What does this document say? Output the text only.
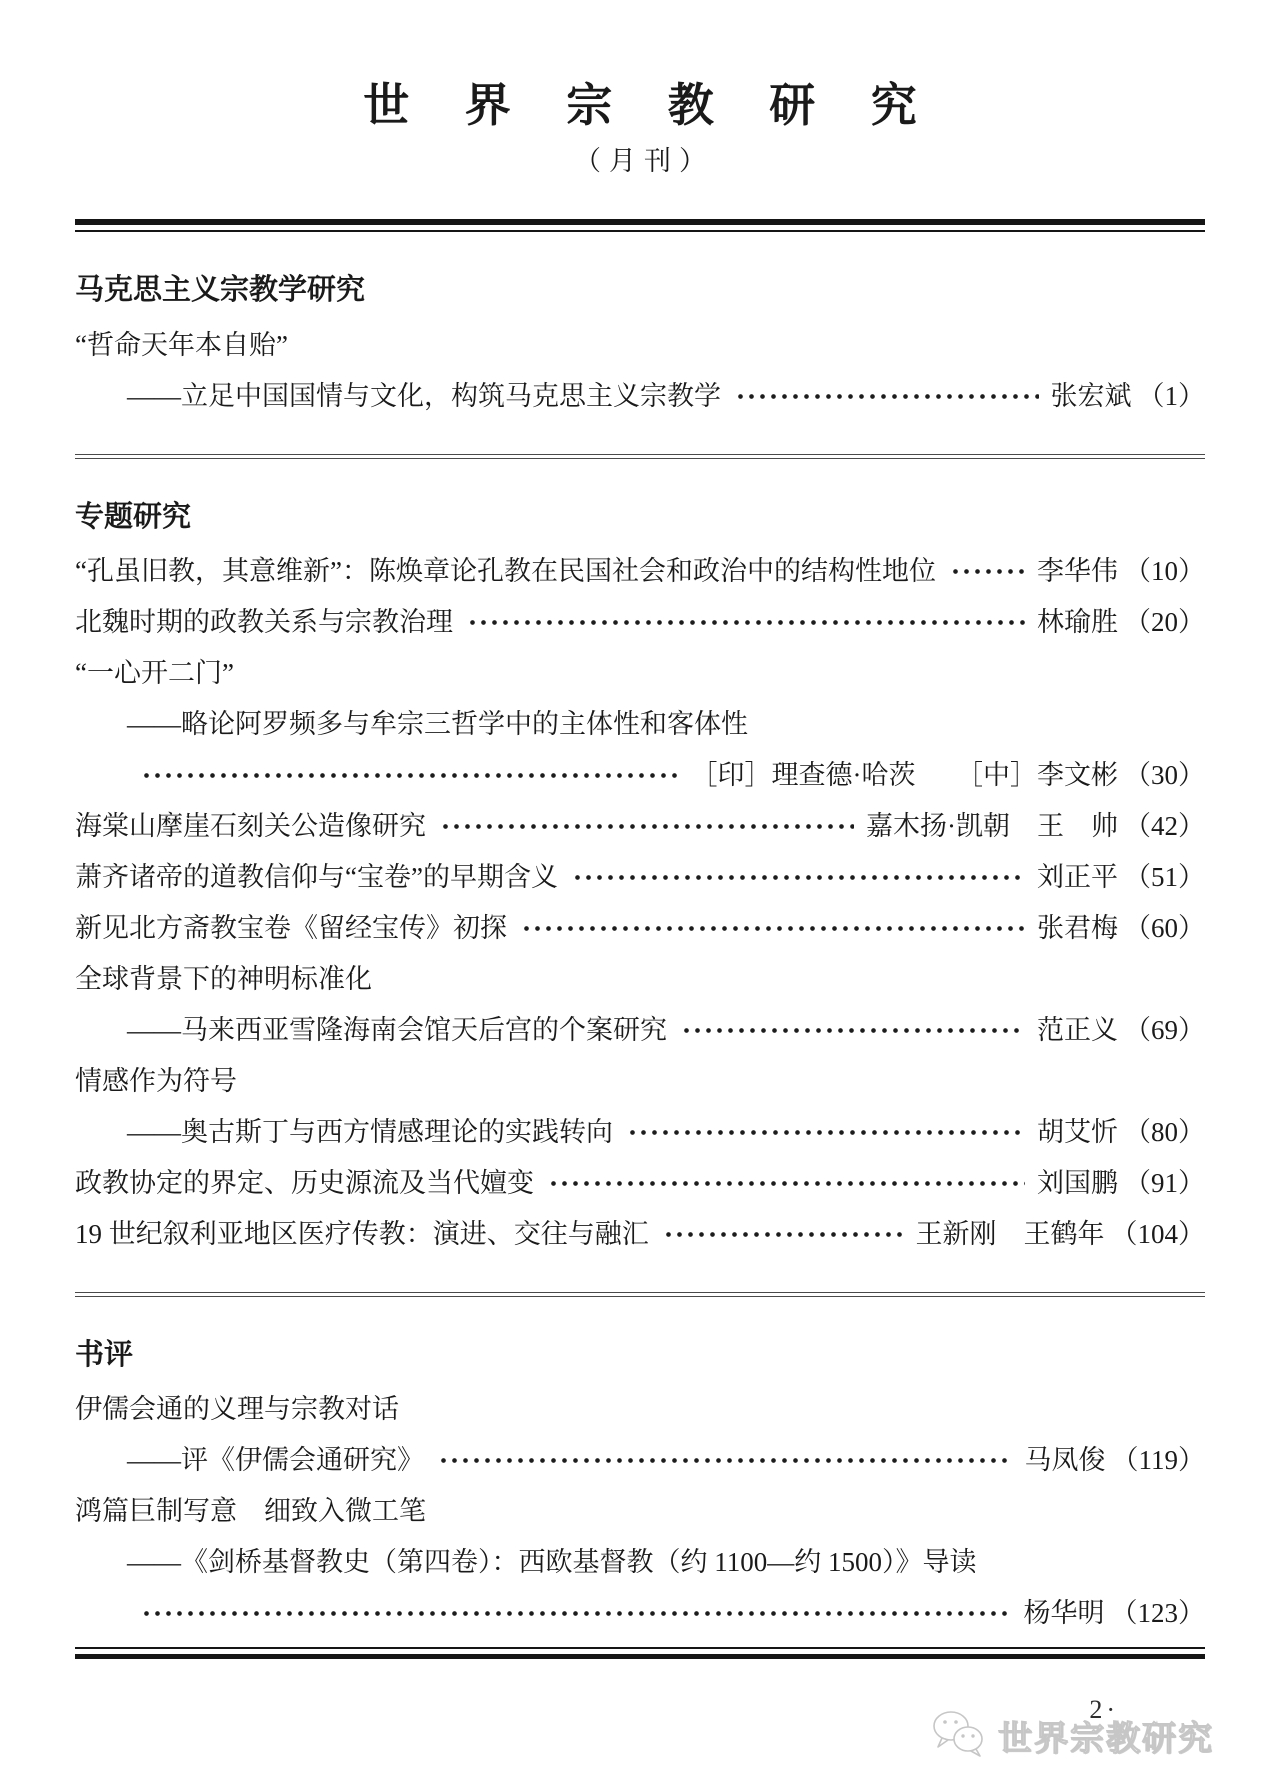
世 界 宗 教 研 究
（月刊）
马克思主义宗教学研究
“哲命天年本自贻”
——立足中国国情与文化，构筑马克思主义宗教学	张宏斌 （1）
专题研究
“孔虽旧教，其意维新”：陈焕章论孔教在民国社会和政治中的结构性地位	李华伟 （10）
北魏时期的政教关系与宗教治理	林瑜胜 （20）
“一心开二门”
——略论阿罗频多与牟宗三哲学中的主体性和客体性
［印］理查德·哈茨　　［中］李文彬 （30）
海棠山摩崖石刻关公造像研究	嘉木扬·凯朝　王　帅 （42）
萧齐诸帝的道教信仰与“宝卷”的早期含义	刘正平 （51）
新见北方斋教宝卷《留经宝传》初探	张君梅 （60）
全球背景下的神明标准化
——马来西亚雪隆海南会馆天后宫的个案研究	范正义 （69）
情感作为符号
——奥古斯丁与西方情感理论的实践转向	胡艾忻 （80）
政教协定的界定、历史源流及当代嬗变	刘国鹏 （91）
19 世纪叙利亚地区医疗传教：演进、交往与融汇	王新刚　王鹤年 （104）
书评
伊儒会通的义理与宗教对话
——评《伊儒会通研究》	马凤俊 （119）
鸿篇巨制写意　细致入微工笔
——《剑桥基督教史（第四卷）：西欧基督教（约 1100—约 1500）》导读
杨华明 （123）
2·
世界宗教研究
